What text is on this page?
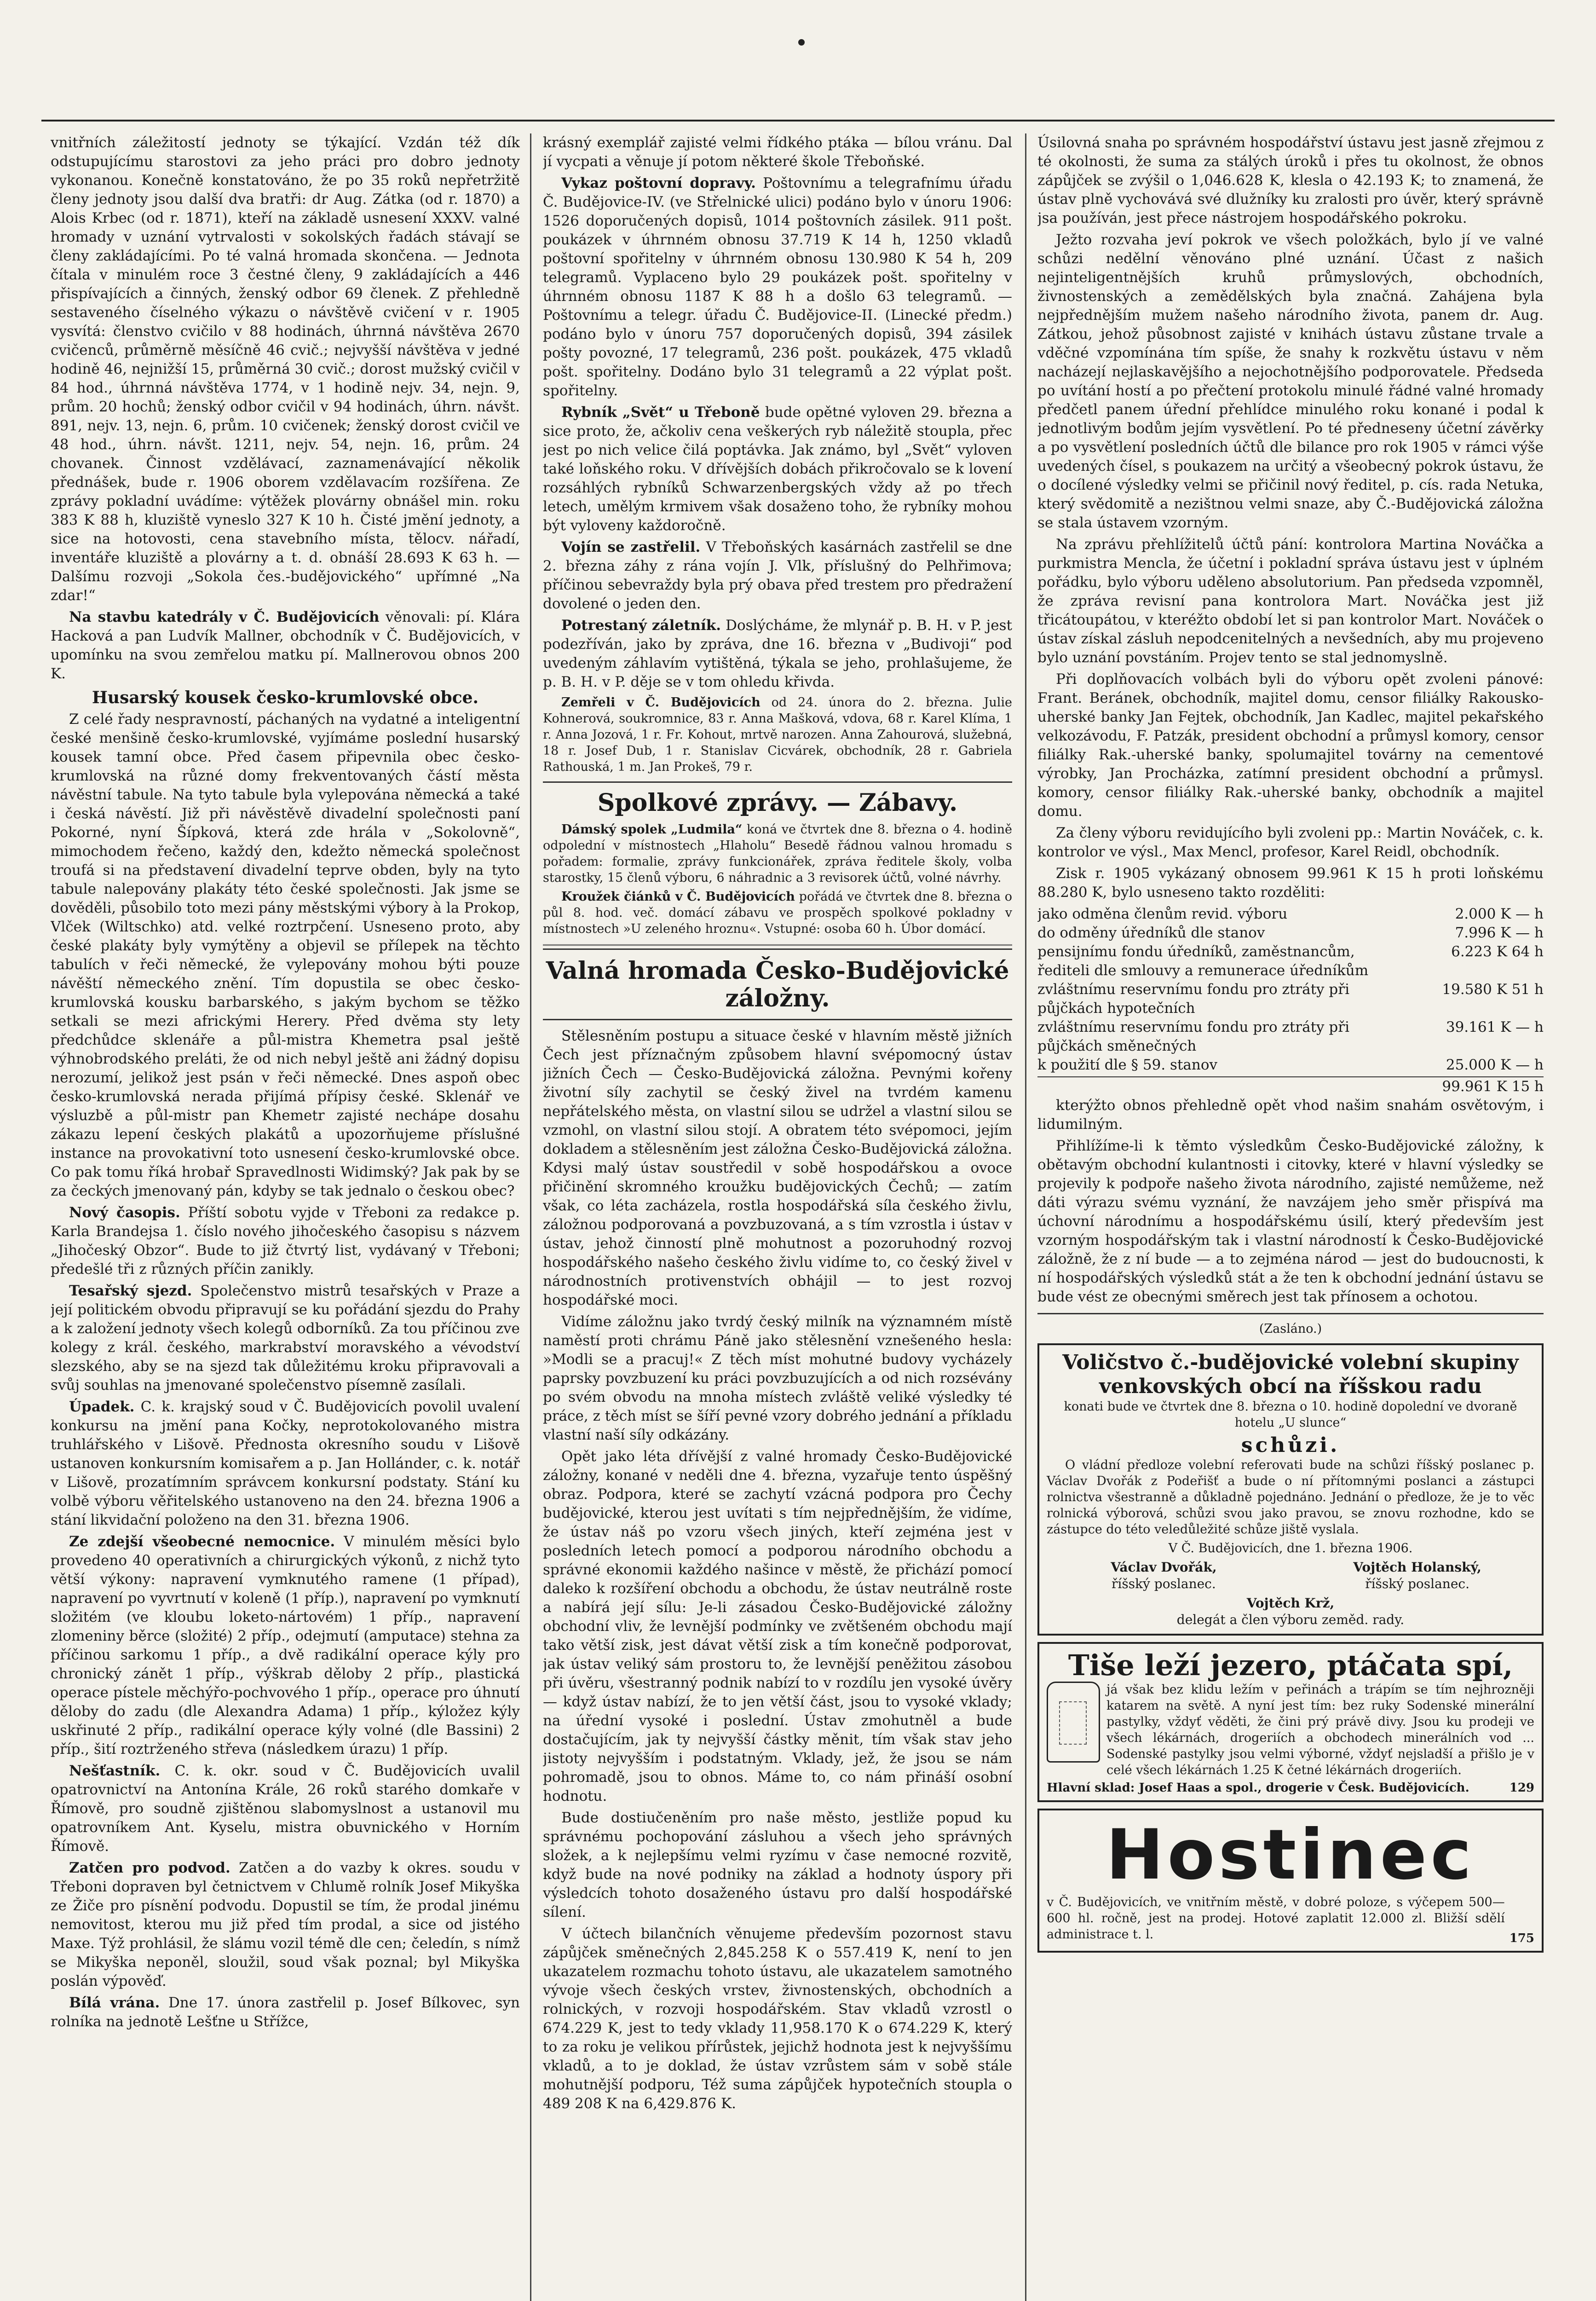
vnitřních záležitostí jednoty se týkající. Vzdán též dík odstupujícímu starostovi za jeho práci pro dobro jednoty vykonanou. Konečně konstatováno, že po 35 roků nepřetržitě členy jednoty jsou další dva bratři: dr Aug. Zátka (od r. 1870) a Alois Krbec (od r. 1871), kteří na základě usnesení XXXV. valné hromady v uznání vytrvalosti v sokolských řadách stávají se členy zakládajícími. Po té valná hromada skončena. — Jednota čítala v minulém roce 3 čestné členy, 9 zakládajících a 446 přispívajících a činných, ženský odbor 69 členek. Z přehledně sestaveného číselného výkazu o návštěvě cvičení v r. 1905 vysvítá: členstvo cvičilo v 88 hodinách, úhrnná návštěva 2670 cvičenců, průměrně měsíčně 46 cvič.; nejvyšší návštěva v jedné hodině 46, nejnižší 15, průměrná 30 cvič.; dorost mužský cvičil v 84 hod., úhrnná návštěva 1774, v 1 hodině nejv. 34, nejn. 9, prům. 20 hochů; ženský odbor cvičil v 94 hodinách, úhrn. návšt. 891, nejv. 13, nejn. 6, prům. 10 cvičenek; ženský dorost cvičil ve 48 hod., úhrn. návšt. 1211, nejv. 54, nejn. 16, prům. 24 chovanek. Činnost vzdělávací, zaznamenávající několik přednášek, bude r. 1906 oborem vzdělavacím rozšířena. Ze zprávy pokladní uvádíme: výtěžek plovárny obnášel min. roku 383 K 88 h, kluziště vyneslo 327 K 10 h. Čisté jmění jednoty, a sice na hotovosti, cena stavebního místa, tělocv. nářadí, inventáře kluziště a plovárny a t. d. obnáší 28.693 K 63 h. — Dalšímu rozvoji „Sokola čes.-budějovického“ upřímné „Na zdar!“

Na stavbu katedrály v Č. Budějovicích věnovali: pí. Klára Hacková a pan Ludvík Mallner, obchodník v Č. Budějovicích, v upomínku na svou zemřelou matku pí. Mallnerovou obnos 200 K.

Husarský kousek česko-krumlovské obce.

Z celé řady nespravností, páchaných na vydatné a inteligentní české menšině česko-krumlovské, vyjímáme poslední husarský kousek tamní obce. Před časem připevnila obec česko-krumlovská na různé domy frekventovaných částí města návěstní tabule. Na tyto tabule byla vylepována německá a také i česká návěstí. Již při návěstěvě divadelní společnosti paní Pokorné, nyní Šípková, která zde hrála v „Sokolovně“, mimochodem řečeno, každý den, kdežto německá společnost troufá si na představení divadelní teprve obden, byly na tyto tabule nalepovány plakáty této české společnosti. Jak jsme se dověděli, působilo toto mezi pány městskými výbory à la Prokop, Vlček (Wiltschko) atd. velké roztrpčení. Usneseno proto, aby české plakáty byly vymýtěny a objevil se přílepek na těchto tabulích v řeči německé, že vylepovány mohou býti pouze návěští německého znění. Tím dopustila se obec česko-krumlovská kousku barbarského, s jakým bychom se těžko setkali se mezi africkými Herery. Před dvěma sty lety předchůdce sklenáře a půl-mistra Khemetra psal ještě výhnobrodského preláti, že od nich nebyl ještě ani žádný dopisu nerozumí, jelikož jest psán v řeči německé. Dnes aspoň obec česko-krumlovská nerada přijímá přípisy české. Sklenář ve výsluzbě a půl-mistr pan Khemetr zajisté nechápe dosahu zákazu lepení českých plakátů a upozorňujeme příslušné instance na provokativní toto usnesení česko-krumlovské obce. Co pak tomu říká hrobař Spravedlnosti Widimský? Jak pak by se za čeckých jmenovaný pán, kdyby se tak jednalo o českou obec?

Nový časopis. Příští sobotu vyjde v Třeboni za redakce p. Karla Brandejsa 1. číslo nového jihočeského časopisu s názvem „Jihočeský Obzor“. Bude to již čtvrtý list, vydávaný v Třeboni; předešlé tři z různých příčin zanikly.

Tesařský sjezd. Společenstvo mistrů tesařských v Praze a její politickém obvodu připravují se ku pořádání sjezdu do Prahy a k založení jednoty všech kolegů odborníků. Za tou příčinou zve kolegy z král. českého, markrabství moravského a vévodství slezského, aby se na sjezd tak důležitému kroku připravovali a svůj souhlas na jmenované společenstvo písemně zasílali.

Úpadek. C. k. krajský soud v Č. Budějovicích povolil uvalení konkursu na jmění pana Kočky, neprotokolovaného mistra truhlářského v Lišově. Přednosta okresního soudu v Lišově ustanoven konkursním komisařem a p. Jan Hollánder, c. k. notář v Lišově, prozatímním správcem konkursní podstaty. Stání ku volbě výboru věřitelského ustanoveno na den 24. března 1906 a stání likvidační položeno na den 31. března 1906.

Ze zdejší všeobecné nemocnice. V minulém měsíci bylo provedeno 40 operativních a chirurgických výkonů, z nichž tyto větší výkony: napravení vymknutého ramene (1 případ), napravení po vyvrtnutí v koleně (1 příp.), napravení po vymknutí složitém (ve kloubu loketo-nártovém) 1 příp., napravení zlomeniny běrce (složité) 2 příp., odejmutí (amputace) stehna za příčinou sarkomu 1 příp., a dvě radikální operace kýly pro chronický zánět 1 příp., výškrab děloby 2 příp., plastická operace pístele měchýřo-pochvového 1 příp., operace pro úhnutí děloby do zadu (dle Alexandra Adama) 1 příp., kýložez kýly uskřinuté 2 příp., radikální operace kýly volné (dle Bassini) 2 příp., šití roztrženého střeva (následkem úrazu) 1 příp.

Nešťastník. C. k. okr. soud v Č. Budějovicích uvalil opatrovnictví na Antonína Krále, 26 roků starého domkaře v Římově, pro soudně zjištěnou slabomyslnost a ustanovil mu opatrovníkem Ant. Kyselu, mistra obuvnického v Horním Římově.

Zatčen pro podvod. Zatčen a do vazby k okres. soudu v Třeboni dopraven byl četnictvem v Chlumě rolník Josef Mikyška ze Žiče pro písnění podvodu. Dopustil se tím, že prodal jinému nemovitost, kterou mu již před tím prodal, a sice od jistého Maxe. Týž prohlásil, že slámu vozil témě dle cen; čeledín, s nímž se Mikyška neponěl, sloužil, soud však poznal; byl Mikyška poslán výpověď.

Bílá vrána. Dne 17. února zastřelil p. Josef Bílkovec, syn rolníka na jednotě Lešťne u Střížce,

krásný exemplář zajisté velmi řídkého ptáka — bílou vránu. Dal jí vycpati a věnuje jí potom některé škole Třeboňské.

Vykaz poštovní dopravy. Poštovnímu a telegrafnímu úřadu Č. Budějovice-IV. (ve Střelnické ulici) podáno bylo v únoru 1906: 1526 doporučených dopisů, 1014 poštovních zásilek. 911 pošt. poukázek v úhrnném obnosu 37.719 K 14 h, 1250 vkladů poštovní spořitelny v úhrnném obnosu 130.980 K 54 h, 209 telegramů. Vyplaceno bylo 29 poukázek pošt. spořitelny v úhrnném obnosu 1187 K 88 h a došlo 63 telegramů. — Poštovnímu a telegr. úřadu Č. Budějovice-II. (Linecké předm.) podáno bylo v únoru 757 doporučených dopisů, 394 zásilek pošty povozné, 17 telegramů, 236 pošt. poukázek, 475 vkladů pošt. spořitelny. Dodáno bylo 31 telegramů a 22 výplat pošt. spořitelny.

Rybník „Svět“ u Třeboně bude opětné vyloven 29. března a sice proto, že, ačkoliv cena veškerých ryb náležitě stoupla, přec jest po nich velice čilá poptávka. Jak známo, byl „Svět“ vyloven také loňského roku. V dřívějších dobách přikročovalo se k lovení rozsáhlých rybníků Schwarzenbergských vždy až po třech letech, umělým krmivem však dosaženo toho, že rybníky mohou být vyloveny každoročně.

Vojín se zastřelil. V Třeboňských kasárnách zastřelil se dne 2. března záhy z rána vojín J. Vlk, příslušný do Pelhřimova; příčinou sebevraždy byla prý obava před trestem pro předražení dovolené o jeden den.

Potrestaný záletník. Doslýcháme, že mlynář p. B. H. v P. jest podezříván, jako by zpráva, dne 16. března v „Budivoji“ pod uvedeným záhlavím vytištěná, týkala se jeho, prohlašujeme, že p. B. H. v P. děje se v tom ohledu křivda.

Zemřeli v Č. Budějovicích od 24. února do 2. března. Julie Kohnerová, soukromnice, 83 r. Anna Mašková, vdova, 68 r. Karel Klíma, 1 r. Anna Jozová, 1 r. Fr. Kohout, mrtvě narozen. Anna Zahourová, služebná, 18 r. Josef Dub, 1 r. Stanislav Cicvárek, obchodník, 28 r. Gabriela Rathouská, 1 m. Jan Prokeš, 79 r.

Spolkové zprávy. — Zábavy.

Dámský spolek „Ludmila“ koná ve čtvrtek dne 8. března o 4. hodině odpolední v místnostech „Hlaholu“ Besedě řádnou valnou hromadu s pořadem: formalie, zprávy funkcionářek, zpráva ředitele školy, volba starostky, 15 členů výboru, 6 náhradnic a 3 revisorek účtů, volné návrhy.

Kroužek čiánků v Č. Budějovicích pořádá ve čtvrtek dne 8. března o půl 8. hod. več. domácí zábavu ve prospěch spolkové pokladny v místnostech »U zeleného hroznu«. Vstupné: osoba 60 h. Úbor domácí.

Valná hromada Česko-Budějovické záložny.

Stělesněním postupu a situace české v hlavním městě jižních Čech jest příznačným způsobem hlavní svépomocný ústav jižních Čech — Česko-Budějovická záložna. Pevnými kořeny životní síly zachytil se český živel na tvrdém kamenu nepřátelského města, on vlastní silou se udržel a vlastní silou se vzmohl, on vlastní silou stojí. A obratem této svépomoci, jejím dokladem a stělesněním jest záložna Česko-Budějovická záložna. Kdysi malý ústav soustředil v sobě hospodářskou a ovoce přičinění skromného kroužku budějovických Čechů; — zatím však, co léta zacházela, rostla hospodářská síla českého živlu, záložnou podporovaná a povzbuzovaná, a s tím vzrostla i ústav v ústav, jehož činností plně mohutnost a pozoruhodný rozvoj hospodářského našeho českého živlu vidíme to, co český živel v národnostních protivenstvích obhájil — to jest rozvoj hospodářské moci.

Vidíme záložnu jako tvrdý český milník na významném místě naměstí proti chrámu Páně jako stělesnění vznešeného hesla: »Modli se a pracuj!« Z těch míst mohutné budovy vycházely paprsky povzbuzení ku práci povzbuzujících a od nich rozsévány po svém obvodu na mnoha místech zvláště veliké výsledky té práce, z těch míst se šíří pevné vzory dobrého jednání a příkladu vlastní naší síly odkázány.

Opět jako léta dřívější z valné hromady Česko-Budějovické záložny, konané v neděli dne 4. března, vyzařuje tento úspěšný obraz. Podpora, které se zachytí vzácná podpora pro Čechy budějovické, kterou jest uvítati s tím nejpřednějším, že vidíme, že ústav náš po vzoru všech jiných, kteří zejména jest v posledních letech pomocí a podporou národního obchodu a správné ekonomii každého našince v městě, že přichází pomocí daleko k rozšíření obchodu a obchodu, že ústav neutrálně roste a nabírá její sílu: Je-li zásadou Česko-Budějovické záložny obchodní vliv, že levnější podmínky ve zvětšeném obchodu mají tako větší zisk, jest dávat větší zisk a tím konečně podporovat, jak ústav veliký sám prostoru to, že levnější peněžitou zásobou při úvěru, všestranný podnik nabízí to v rozdílu jen vysoké úvěry — když ústav nabízí, že to jen větší část, jsou to vysoké vklady; na úřední vysoké i poslední. Ústav zmohutněl a bude dostačujícím, jak ty nejvyšší částky měnit, tím však stav jeho jistoty nejvyšším i podstatným. Vklady, jež, že jsou se nám pohromadě, jsou to obnos. Máme to, co nám přináší osobní hodnotu.

Bude dostiučeněním pro naše město, jestliže popud ku správnému pochopování zásluhou a všech jeho správných složek, a k nejlepšímu velmi ryzímu v čase nemocné rozvitě, když bude na nové podniky na základ a hodnoty úspory při výsledcích tohoto dosaženého ústavu pro další hospodářské sílení.

V účtech bilančních věnujeme především pozornost stavu zápůjček směnečných 2,845.258 K o 557.419 K, není to jen ukazatelem rozmachu tohoto ústavu, ale ukazatelem samotného vývoje všech českých vrstev, živnostenských, obchodních a rolnických, v rozvoji hospodářském. Stav vkladů vzrostl o 674.229 K, jest to tedy vklady 11,958.170 K o 674.229 K, který to za roku je velikou přírůstek, jejichž hodnota jest k nejvyššímu vkladů, a to je doklad, že ústav vzrůstem sám v sobě stále mohutnější podporu, Též suma zápůjček hypotečních stoupla o 489 208 K na 6,429.876 K.

Úsilovná snaha po správném hospodářství ústavu jest jasně zřejmou z té okolnosti, že suma za stálých úroků i přes tu okolnost, že obnos zápůjček se zvýšil o 1,046.628 K, klesla o 42.193 K; to znamená, že ústav plně vychovává své dlužníky ku zralosti pro úvěr, který správně jsa používán, jest přece nástrojem hospodářského pokroku.

Ježto rozvaha jeví pokrok ve všech položkách, bylo jí ve valné schůzi nedělní věnováno plné uznání. Účast z našich nejinteligentnějších kruhů průmyslových, obchodních, živnostenských a zemědělských byla značná. Zahájena byla nejpřednějším mužem našeho národního života, panem dr. Aug. Zátkou, jehož působnost zajisté v knihách ústavu zůstane trvale a vděčné vzpomínána tím spíše, že snahy k rozkvětu ústavu v něm nacházejí nejlaskavějšího a nejochotnějšího podporovatele. Předseda po uvítání hostí a po přečtení protokolu minulé řádné valné hromady předčetl panem úřední přehlídce minulého roku konané i podal k jednotlivým bodům jejím vysvětlení. Po té předneseny účetní závěrky a po vysvětlení posledních účtů dle bilance pro rok 1905 v rámci výše uvedených čísel, s poukazem na určitý a všeobecný pokrok ústavu, že o docílené výsledky velmi se přičinil nový ředitel, p. cís. rada Netuka, který svědomitě a nezištnou velmi snaze, aby Č.-Budějovická záložna se stala ústavem vzorným.

Na zprávu přehlížitelů účtů pání: kontrolora Martina Nováčka a purkmistra Mencla, že účetní i pokladní správa ústavu jest v úplném pořádku, bylo výboru uděleno absolutorium. Pan předseda vzpomněl, že zpráva revisní pana kontrolora Mart. Nováčka jest již třicátoupátou, v kteréžto období let si pan kontrolor Mart. Nováček o ústav získal zásluh nepodcenitelných a nevšedních, aby mu projeveno bylo uznání povstáním. Projev tento se stal jednomyslně.

Při doplňovacích volbách byli do výboru opět zvoleni pánové: Frant. Beránek, obchodník, majitel domu, censor filiálky Rakousko-uherské banky Jan Fejtek, obchodník, Jan Kadlec, majitel pekařského velkozávodu, F. Patzák, president obchodní a průmysl komory, censor filiálky Rak.-uherské banky, spolumajitel továrny na cementové výrobky, Jan Procházka, zatímní president obchodní a průmysl. komory, censor filiálky Rak.-uherské banky, obchodník a majitel domu.

Za členy výboru revidujícího byli zvoleni pp.: Martin Nováček, c. k. kontrolor ve výsl., Max Mencl, profesor, Karel Reidl, obchodník.

Zisk r. 1905 vykázaný obnosem 99.961 K 15 h proti loňskému 88.280 K, bylo usneseno takto rozděliti:

jako odměna členům revid. výboru	2.000 K — h
do odměny úředníků dle stanov	7.996 K — h
pensijnímu fondu úředníků, zaměstnancům, řediteli dle smlouvy a remunerace úředníkům
6.223 K 64 h
zvláštnímu reservnímu fondu pro ztráty při půjčkách hypotečních
19.580 K 51 h
zvláštnímu reservnímu fondu pro ztráty při půjčkách směnečných
39.161 K — h
k použití dle § 59. stanov	25.000 K — h
99.961 K 15 h

kterýžto obnos přehledně opět vhod našim snahám osvětovým, i lidumilným.

Přihlížíme-li k těmto výsledkům Česko-Budějovické záložny, k obětavým obchodní kulantnosti i citovky, které v hlavní výsledky se projevily k podpoře našeho života národního, zajisté nemůžeme, než dáti výrazu svému vyznání, že navzájem jeho směr přispívá ma úchovní národnímu a hospodářskému úsilí, který především jest vzorným hospodářským tak i vlastní národností k Česko-Budějovické záložně, že z ní bude — a to zejména národ — jest do budoucnosti, k ní hospodářských výsledků stát a že ten k obchodní jednání ústavu se bude vést ze obecnými směrech jest tak přínosem a ochotou.

(Zasláno.)

Voličstvo č.-budějovické volební skupiny venkovských obcí na říšskou radu

konati bude ve čtvrtek dne 8. března o 10. hodině dopolední ve dvoraně hotelu „U slunce“

schůzi.

O vládní předloze volební referovati bude na schůzi říšský poslanec p. Václav Dvořák z Podeřišť a bude o ní přítomnými poslanci a zástupci rolnictva všestranně a důkladně pojednáno. Jednání o předloze, že je to věc rolnická výborová, schůzi svou jako pravou, se znovu rozhodne, kdo se zástupce do této veledůležité schůze jiště vyslala.

V Č. Budějovicích, dne 1. března 1906.

Václav Dvořák,
říšský poslanec.
Vojtěch Holanský,
říšský poslanec.
Vojtěch Krž,
delegát a člen výboru zeměd. rady.
Tiše leží jezero, ptáčata spí,

já však bez klidu ležím v peřinách a trápím se tím nejhrozněji katarem na světě. A nyní jest tím: bez ruky Sodenské minerální pastylky, vždyť věděti, že čini prý právě divy. Jsou ku prodeji ve všech lékárnách, drogeriích a obchodech minerálních vod ... Sodenské pastylky jsou velmi výborné, vždyť nejsladší a přišlo je v celé všech lékárnách 1.25 K četné lékárnách drogeriích.

Hlavní sklad: Josef Haas a spol., drogerie v Česk. Budějovicích.	129
Hostinec

v Č. Budějovicích, ve vnitřním městě, v dobré poloze, s výčepem 500—600 hl. ročně, jest na prodej. Hotové zaplatit 12.000 zl. Bližší sdělí administrace t. l.	175
